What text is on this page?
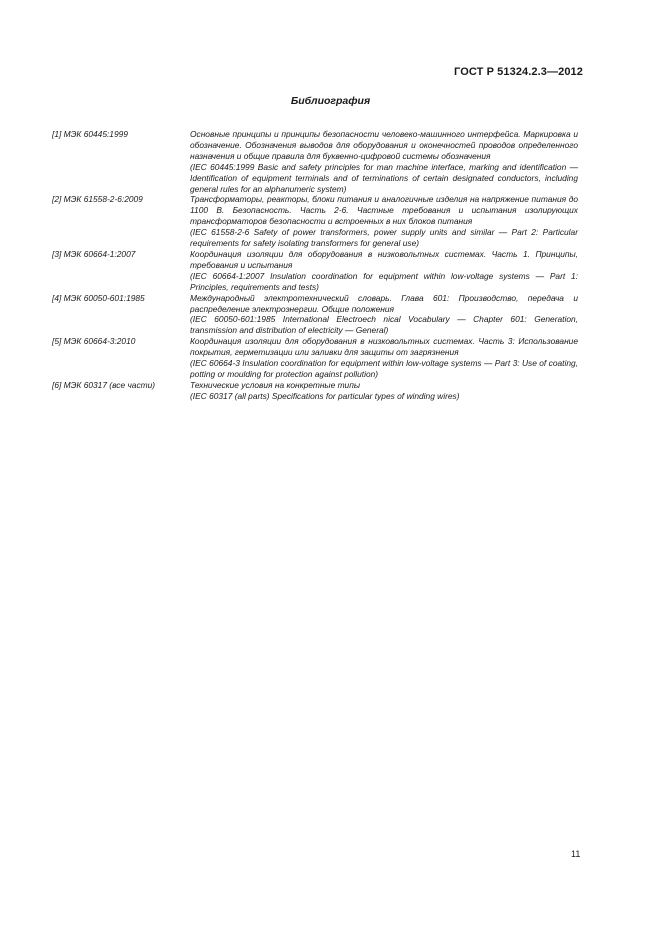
ГОСТ Р 51324.2.3—2012
Библиография
[1] МЭК 60445:1999	Основные принципы и принципы безопасности человеко-машинного интерфейса. Маркировка и обозначение. Обозначения выводов для оборудования и оконечностей проводов определенного назначения и общие правила для буквенно-цифровой системы обозначения
(IEC 60445:1999 Basic and safety principles for man machine interface, marking and identification — Identification of equipment terminals and of terminations of certain designated conductors, including general rules for an alphanumeric system)
[2] МЭК 61558-2-6:2009	Трансформаторы, реакторы, блоки питания и аналогичные изделия на напряжение питания до 1100 В. Безопасность. Часть 2-6. Частные требования и испытания изолирующих трансформаторов безопасности и встроенных в них блоков питания
(IEC 61558-2-6 Safety of power transformers, power supply units and similar — Part 2: Particular requirements for safety isolating transformers for general use)
[3] МЭК 60664-1:2007	Координация изоляции для оборудования в низковольтных системах. Часть 1. Принципы, требования и испытания
(IEC 60664-1:2007 Insulation coordination for equipment within low-voltage systems — Part 1: Principles, requirements and tests)
[4] МЭК 60050-601:1985	Международный электротехнический словарь. Глава 601: Производство, передача и распределение электроэнергии. Общие положения
(IEC 60050-601:1985 International Electroech nical Vocabulary — Chapter 601: Generation, transmission and distribution of electricity — General)
[5] МЭК 60664-3:2010	Координация изоляции для оборудования в низковольтных системах. Часть 3: Использование покрытия, герметизации или заливки для защиты от загрязнения
(IEC 60664-3 Insulation coordination for equipment within low-voltage systems — Part 3: Use of coating, potting or moulding for protection against pollution)
[6] МЭК 60317 (все части)	Технические условия на конкретные типы
(IEC 60317 (all parts) Specifications for particular types of winding wires)
11
